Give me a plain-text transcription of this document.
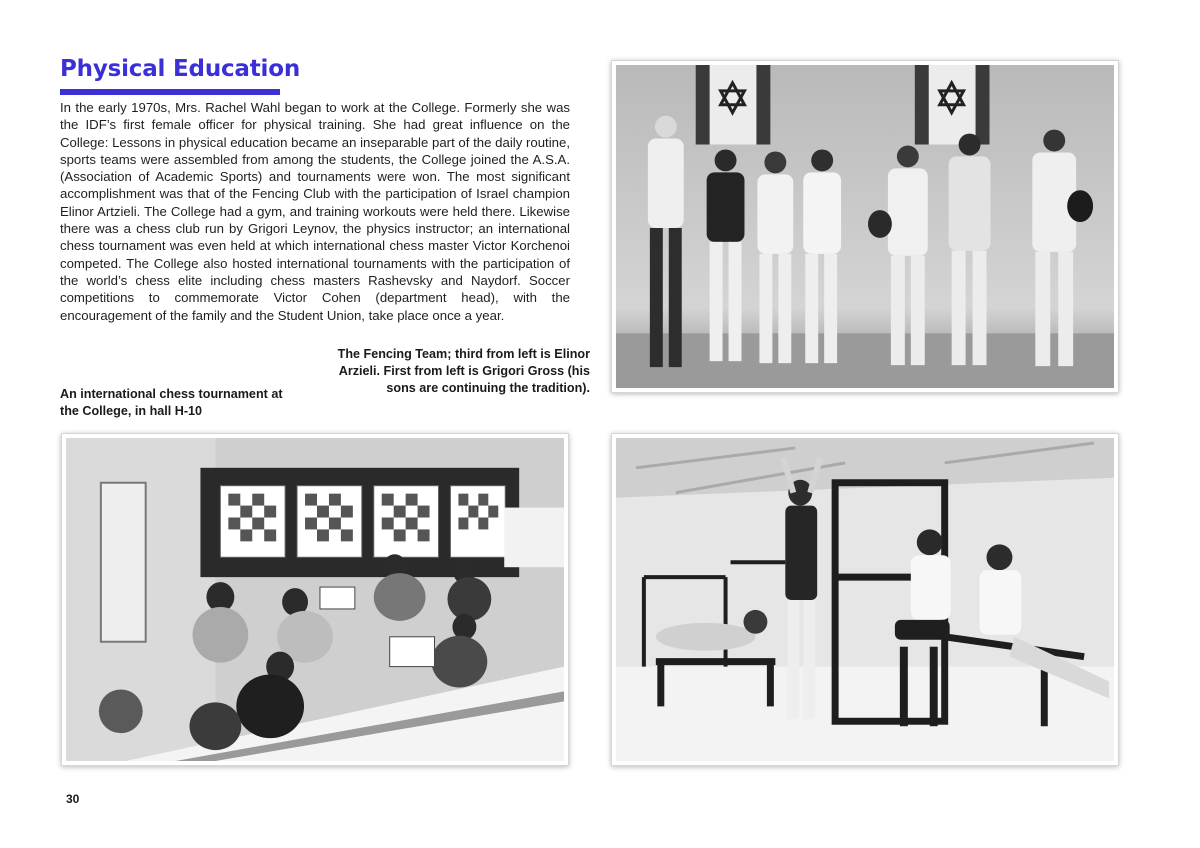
Physical Education

In the early 1970s, Mrs. Rachel Wahl began to work at the College. Formerly she was the IDF’s first female officer for physical training. She had great influence on the College: Lessons in physical education became an inseparable part of the daily routine, sports teams were assembled from among the students, the College joined the A.S.A. (Association of Academic Sports) and tournaments were won. The most significant accomplishment was that of the Fencing Club with the participation of Israel champion Elinor Artzieli. The College had a gym, and training workouts were held there. Likewise there was a chess club run by Grigori Leynov, the physics instructor; an international chess tournament was even held at which international chess master Victor Korchenoi competed. The College also hosted international tournaments with the participation of the world’s chess elite including chess masters Rashevsky and Naydorf. Soccer competitions to commemorate Victor Cohen (department head), with the encouragement of the family and the Student Union, take place once a year.

The Fencing Team; third from left is Elinor Arzieli. First from left is Grigori Gross (his sons are continuing the tradition).

An international chess tournament at the College, in hall H-10

30
